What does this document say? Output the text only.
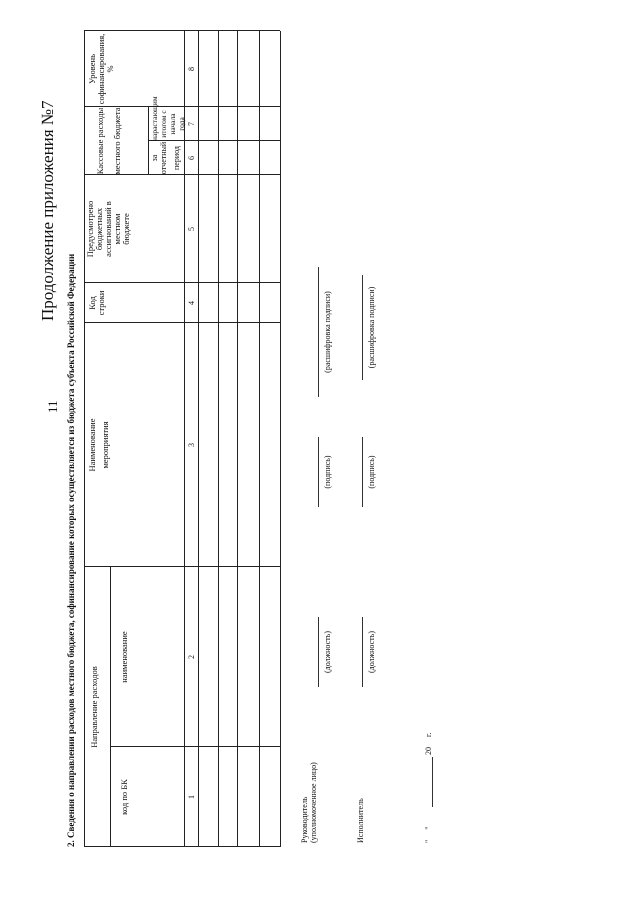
11
Продолжение приложения №7
2. Сведения о направлении расходов местного бюджета, софинансирование которых осуществляется из бюджета субъекта Российской Федерации Направление расходов
код по БК
наименование
Наименование мероприятия
Код строки
Предусмотрено бюджетных ассигнований в местном бюджете
Кассовые расходы местного бюджета	за отчетный период
нарастающим итогом с начала года
Уровень софинансирования, %
1
2
3
4
5
6
7
8
Руководитель (уполномоченное лицо)
(должность)
(подпись)
(расшифровка подписи)
Исполнитель
(должность)
(подпись)
(расшифровка подписи)
"     "
20     г.
